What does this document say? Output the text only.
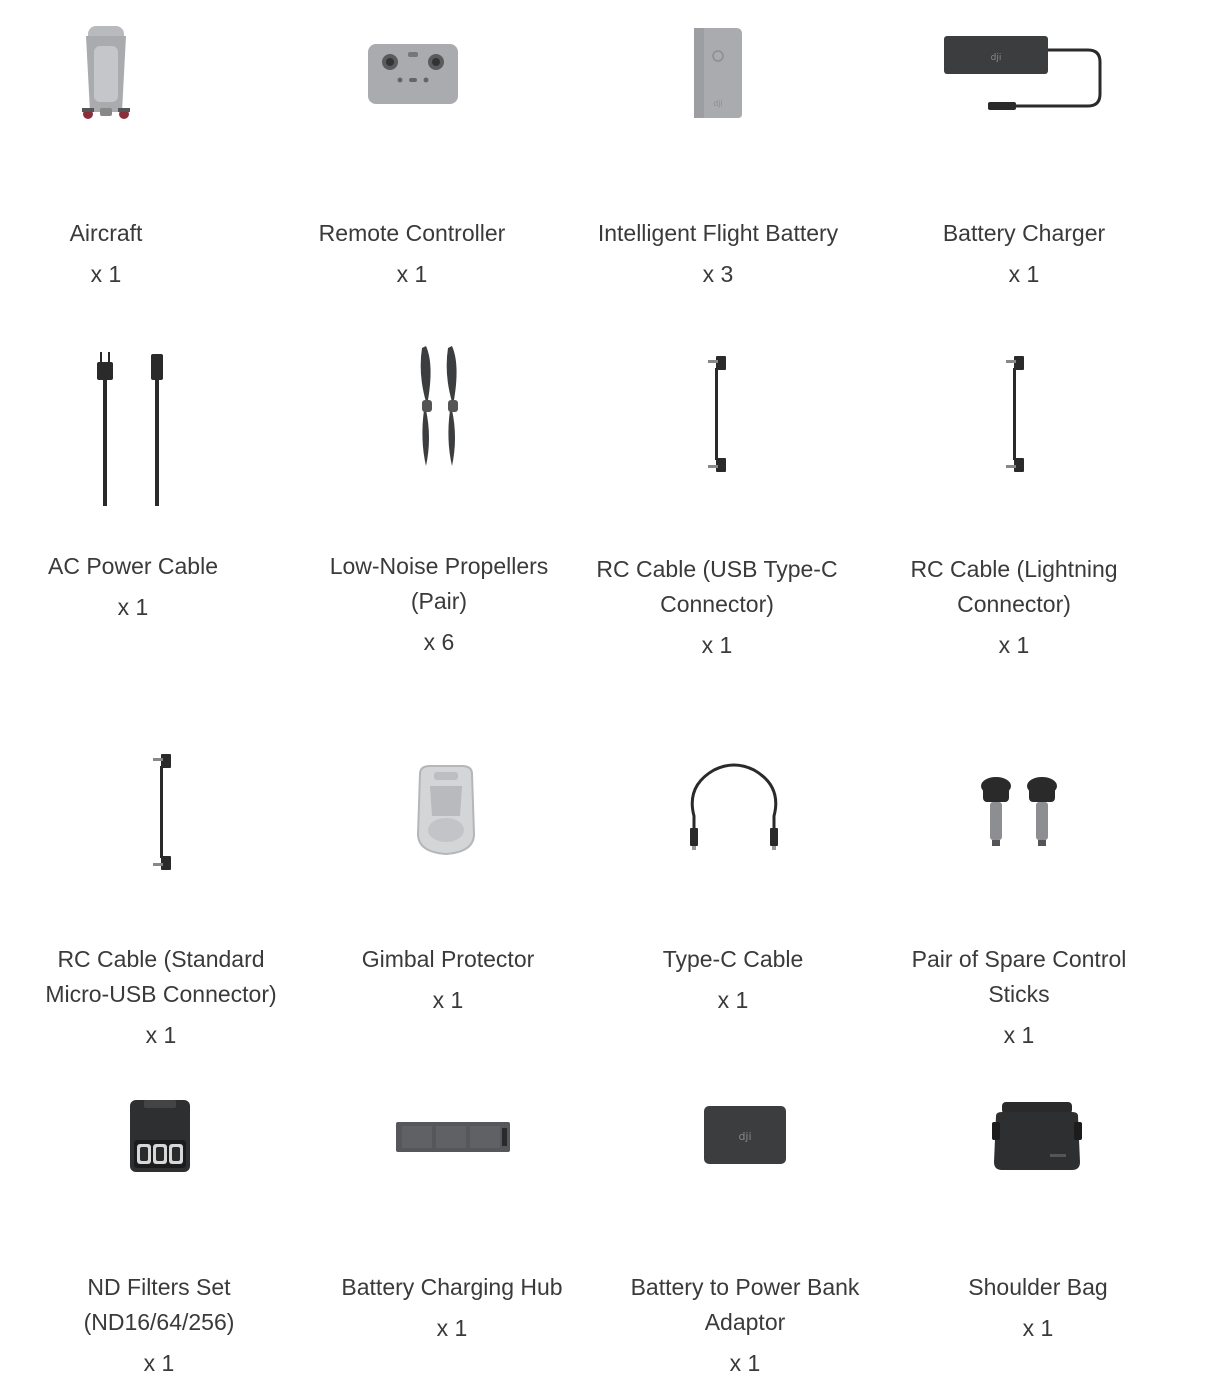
Aircraft
x 1
Remote Controller
x 1
dji
Intelligent Flight Battery
x 3
dji
Battery Charger
x 1
AC Power Cable
x 1
Low-Noise Propellers
(Pair)
x 6
RC Cable (USB Type-C
Connector)
x 1
RC Cable (Lightning
Connector)
x 1
RC Cable (Standard
Micro-USB Connector)
x 1
Gimbal Protector
x 1
Type-C Cable
x 1
Pair of Spare Control
Sticks
x 1
ND Filters Set
(ND16/64/256)
x 1
Battery Charging Hub
x 1
dji
Battery to Power Bank
Adaptor
x 1
Shoulder Bag
x 1
